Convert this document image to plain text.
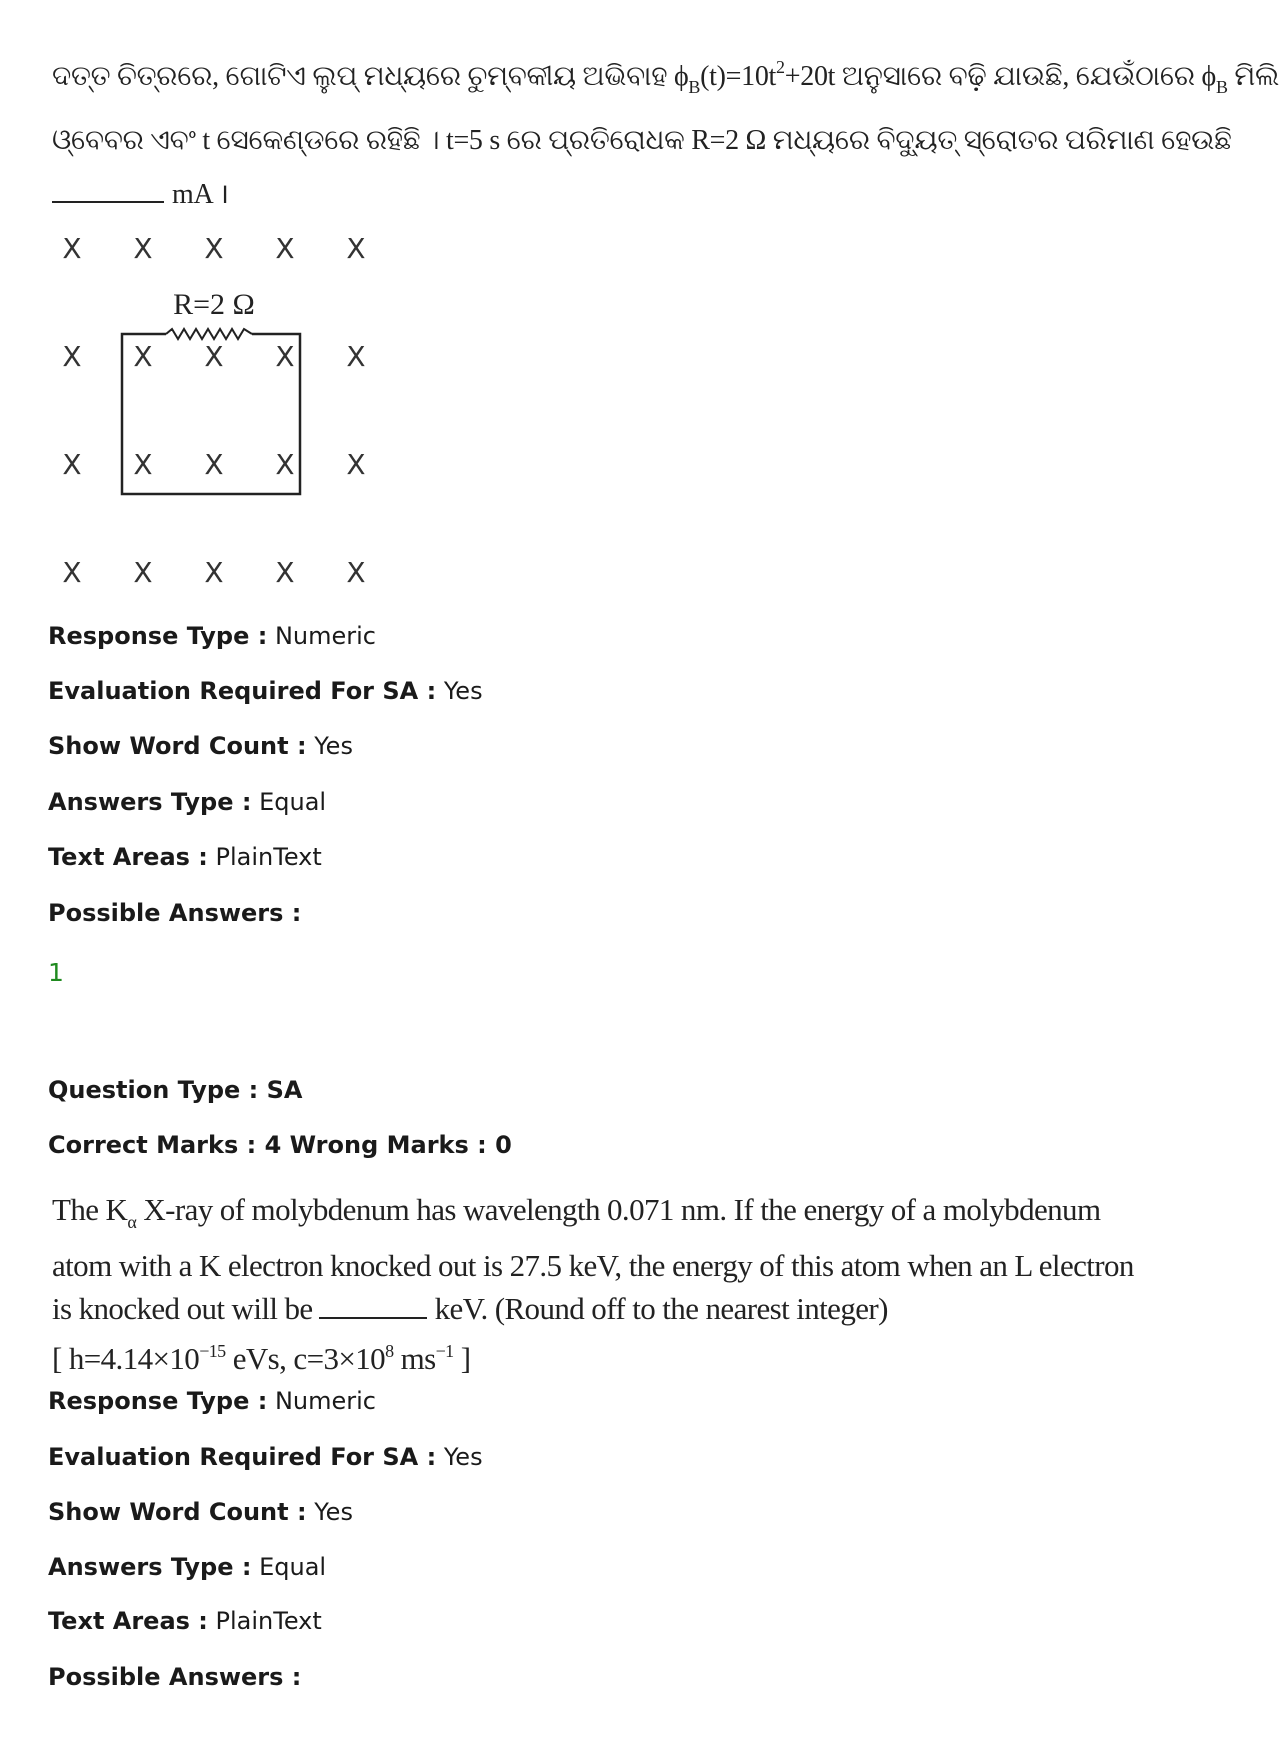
ଦତ୍ତ ଚିତ୍ରରେ, ଗୋଟିଏ ଲୁପ୍ ମଧ୍ୟରେ ଚୁମ୍ବକୀୟ ଅଭିବାହ $\phi_B(t)=10t^2+20t$ ଅନୁସାରେ ବଢ଼ି ଯାଉଛି, ଯେଉଁଠାରେ $\phi_B$ ମିଲି
ଓ୍ବେବର ଏବଂ t ସେକେଣ୍ଡରେ ରହିଛି । t=5 s ରେ ପ୍ରତିରୋଧକ R=2 Ω ମଧ୍ୟରେ ବିଦ୍ୟୁତ୍ ସ୍ରୋତର ପରିମାଣ ହେଉଛି
mA ।
X
X
X
X
X
X
X
X
X
X
X
X
X
X
X
X
X
X
X
X
R=2 Ω
Response Type : Numeric
Evaluation Required For SA : Yes
Show Word Count : Yes
Answers Type : Equal
Text Areas : PlainText
Possible Answers :
1
Question Type : SA
Correct Marks : 4 Wrong Marks : 0
The $K_\alpha$ X-ray of molybdenum has wavelength 0.071 nm. If the energy of a molybdenum
atom with a K electron knocked out is 27.5 keV, the energy of this atom when an L electron
is knocked out will be	keV. (Round off to the nearest integer)
[ $h=4.14\times 10^{-15}$ eVs, $c=3\times 10^8$ $ms^{-1}$ ]
Response Type : Numeric
Evaluation Required For SA : Yes
Show Word Count : Yes
Answers Type : Equal
Text Areas : PlainText
Possible Answers :
